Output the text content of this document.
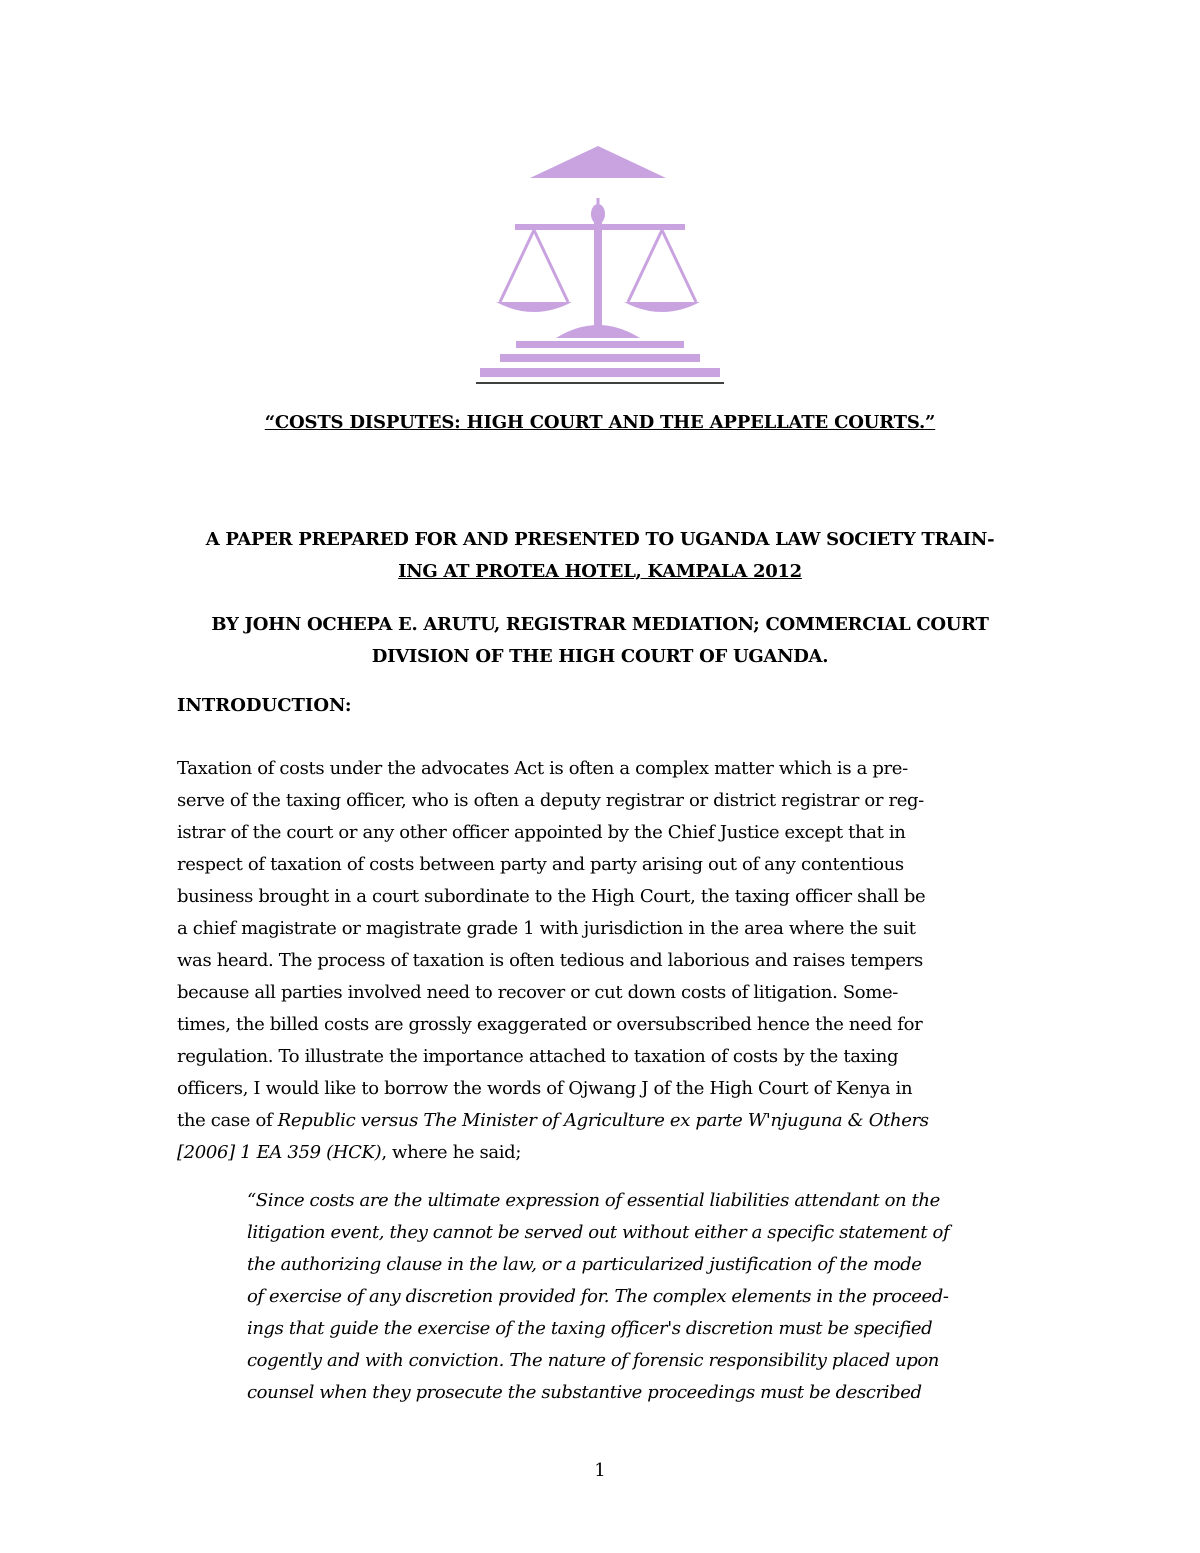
“COSTS DISPUTES: HIGH COURT AND THE APPELLATE COURTS.”
A PAPER PREPARED FOR AND PRESENTED TO UGANDA LAW SOCIETY TRAIN-
ING AT PROTEA HOTEL, KAMPALA 2012
BY JOHN OCHEPA E. ARUTU, REGISTRAR MEDIATION; COMMERCIAL COURT
DIVISION OF THE HIGH COURT OF UGANDA.
INTRODUCTION:
Taxation of costs under the advocates Act is often a complex matter which is a pre-
serve of the taxing officer, who is often a deputy registrar or district registrar or reg-
istrar of the court or any other officer appointed by the Chief Justice except that in
respect of taxation of costs between party and party arising out of any contentious
business brought in a court subordinate to the High Court, the taxing officer shall be
a chief magistrate or magistrate grade 1 with jurisdiction in the area where the suit
was heard. The process of taxation is often tedious and laborious and raises tempers
because all parties involved need to recover or cut down costs of litigation. Some-
times, the billed costs are grossly exaggerated or oversubscribed hence the need for
regulation. To illustrate the importance attached to taxation of costs by the taxing
officers, I would like to borrow the words of Ojwang J of the High Court of Kenya in
the case of Republic versus The Minister of Agriculture ex parte W'njuguna & Others
[2006] 1 EA 359 (HCK), where he said;
“Since costs are the ultimate expression of essential liabilities attendant on the
litigation event, they cannot be served out without either a specific statement of
the authorizing clause in the law, or a particularized justification of the mode
of exercise of any discretion provided for. The complex elements in the proceed-
ings that guide the exercise of the taxing officer's discretion must be specified
cogently and with conviction. The nature of forensic responsibility placed upon
counsel when they prosecute the substantive proceedings must be described
1
